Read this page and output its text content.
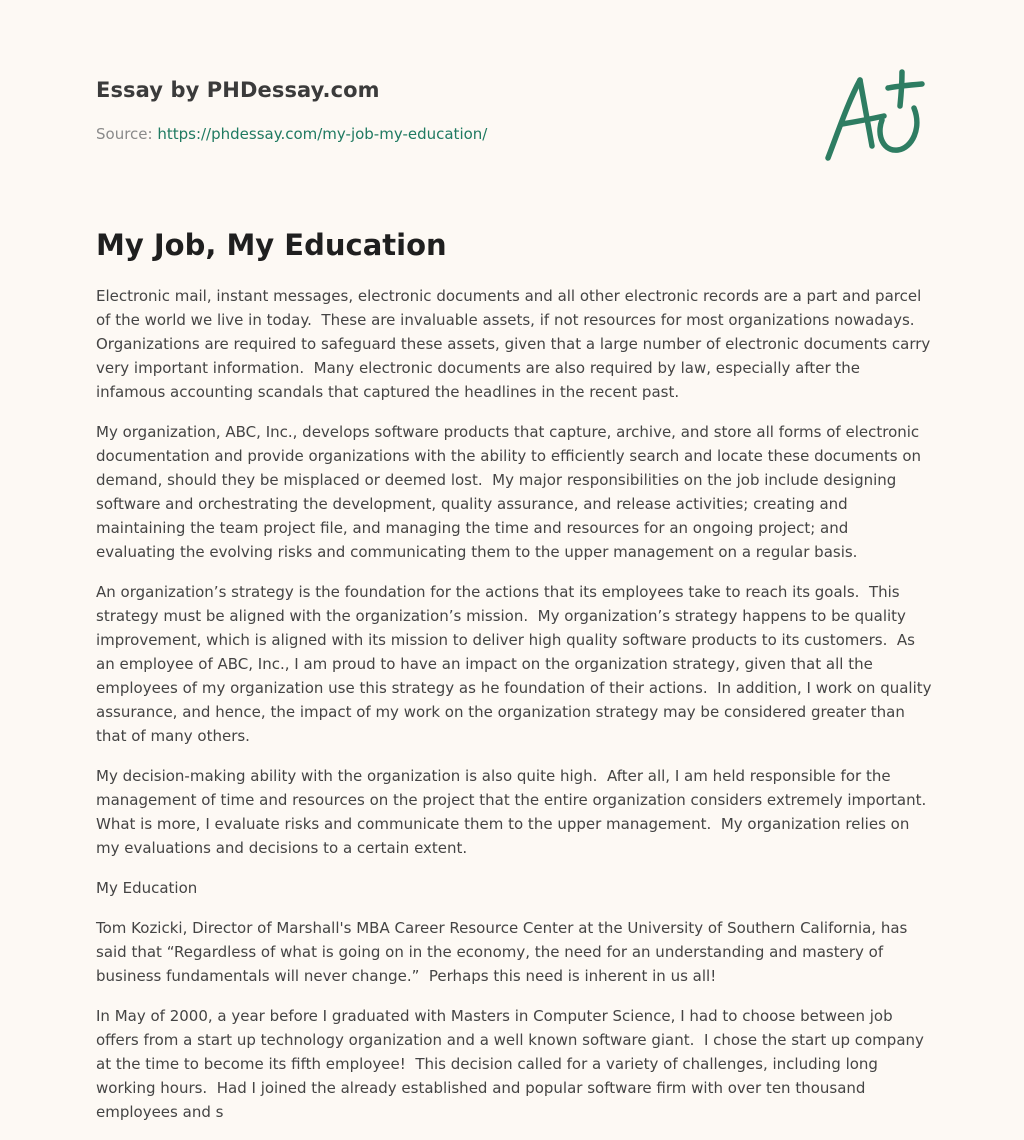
Essay by PHDessay.com
Source: https://phdessay.com/my-job-my-education/
My Job, My Education

Electronic mail, instant messages, electronic documents and all other electronic records are a part and parcel of the world we live in today.  These are invaluable assets, if not resources for most organizations nowadays.  Organizations are required to safeguard these assets, given that a large number of electronic documents carry very important information.  Many electronic documents are also required by law, especially after the infamous accounting scandals that captured the headlines in the recent past.

My organization, ABC, Inc., develops software products that capture, archive, and store all forms of electronic documentation and provide organizations with the ability to efficiently search and locate these documents on demand, should they be misplaced or deemed lost.  My major responsibilities on the job include designing software and orchestrating the development, quality assurance, and release activities; creating and maintaining the team project file, and managing the time and resources for an ongoing project; and evaluating the evolving risks and communicating them to the upper management on a regular basis.

An organization’s strategy is the foundation for the actions that its employees take to reach its goals.  This strategy must be aligned with the organization’s mission.  My organization’s strategy happens to be quality improvement, which is aligned with its mission to deliver high quality software products to its customers.  As an employee of ABC, Inc., I am proud to have an impact on the organization strategy, given that all the employees of my organization use this strategy as he foundation of their actions.  In addition, I work on quality assurance, and hence, the impact of my work on the organization strategy may be considered greater than that of many others.

My decision-making ability with the organization is also quite high.  After all, I am held responsible for the management of time and resources on the project that the entire organization considers extremely important.  What is more, I evaluate risks and communicate them to the upper management.  My organization relies on my evaluations and decisions to a certain extent.

My Education

Tom Kozicki, Director of Marshall's MBA Career Resource Center at the University of Southern California, has said that “Regardless of what is going on in the economy, the need for an understanding and mastery of business fundamentals will never change.”  Perhaps this need is inherent in us all!

In May of 2000, a year before I graduated with Masters in Computer Science, I had to choose between job offers from a start up technology organization and a well known software giant.  I chose the start up company at the time to become its fifth employee!  This decision called for a variety of challenges, including long working hours.  Had I joined the already established and popular software firm with over ten thousand employees and s
